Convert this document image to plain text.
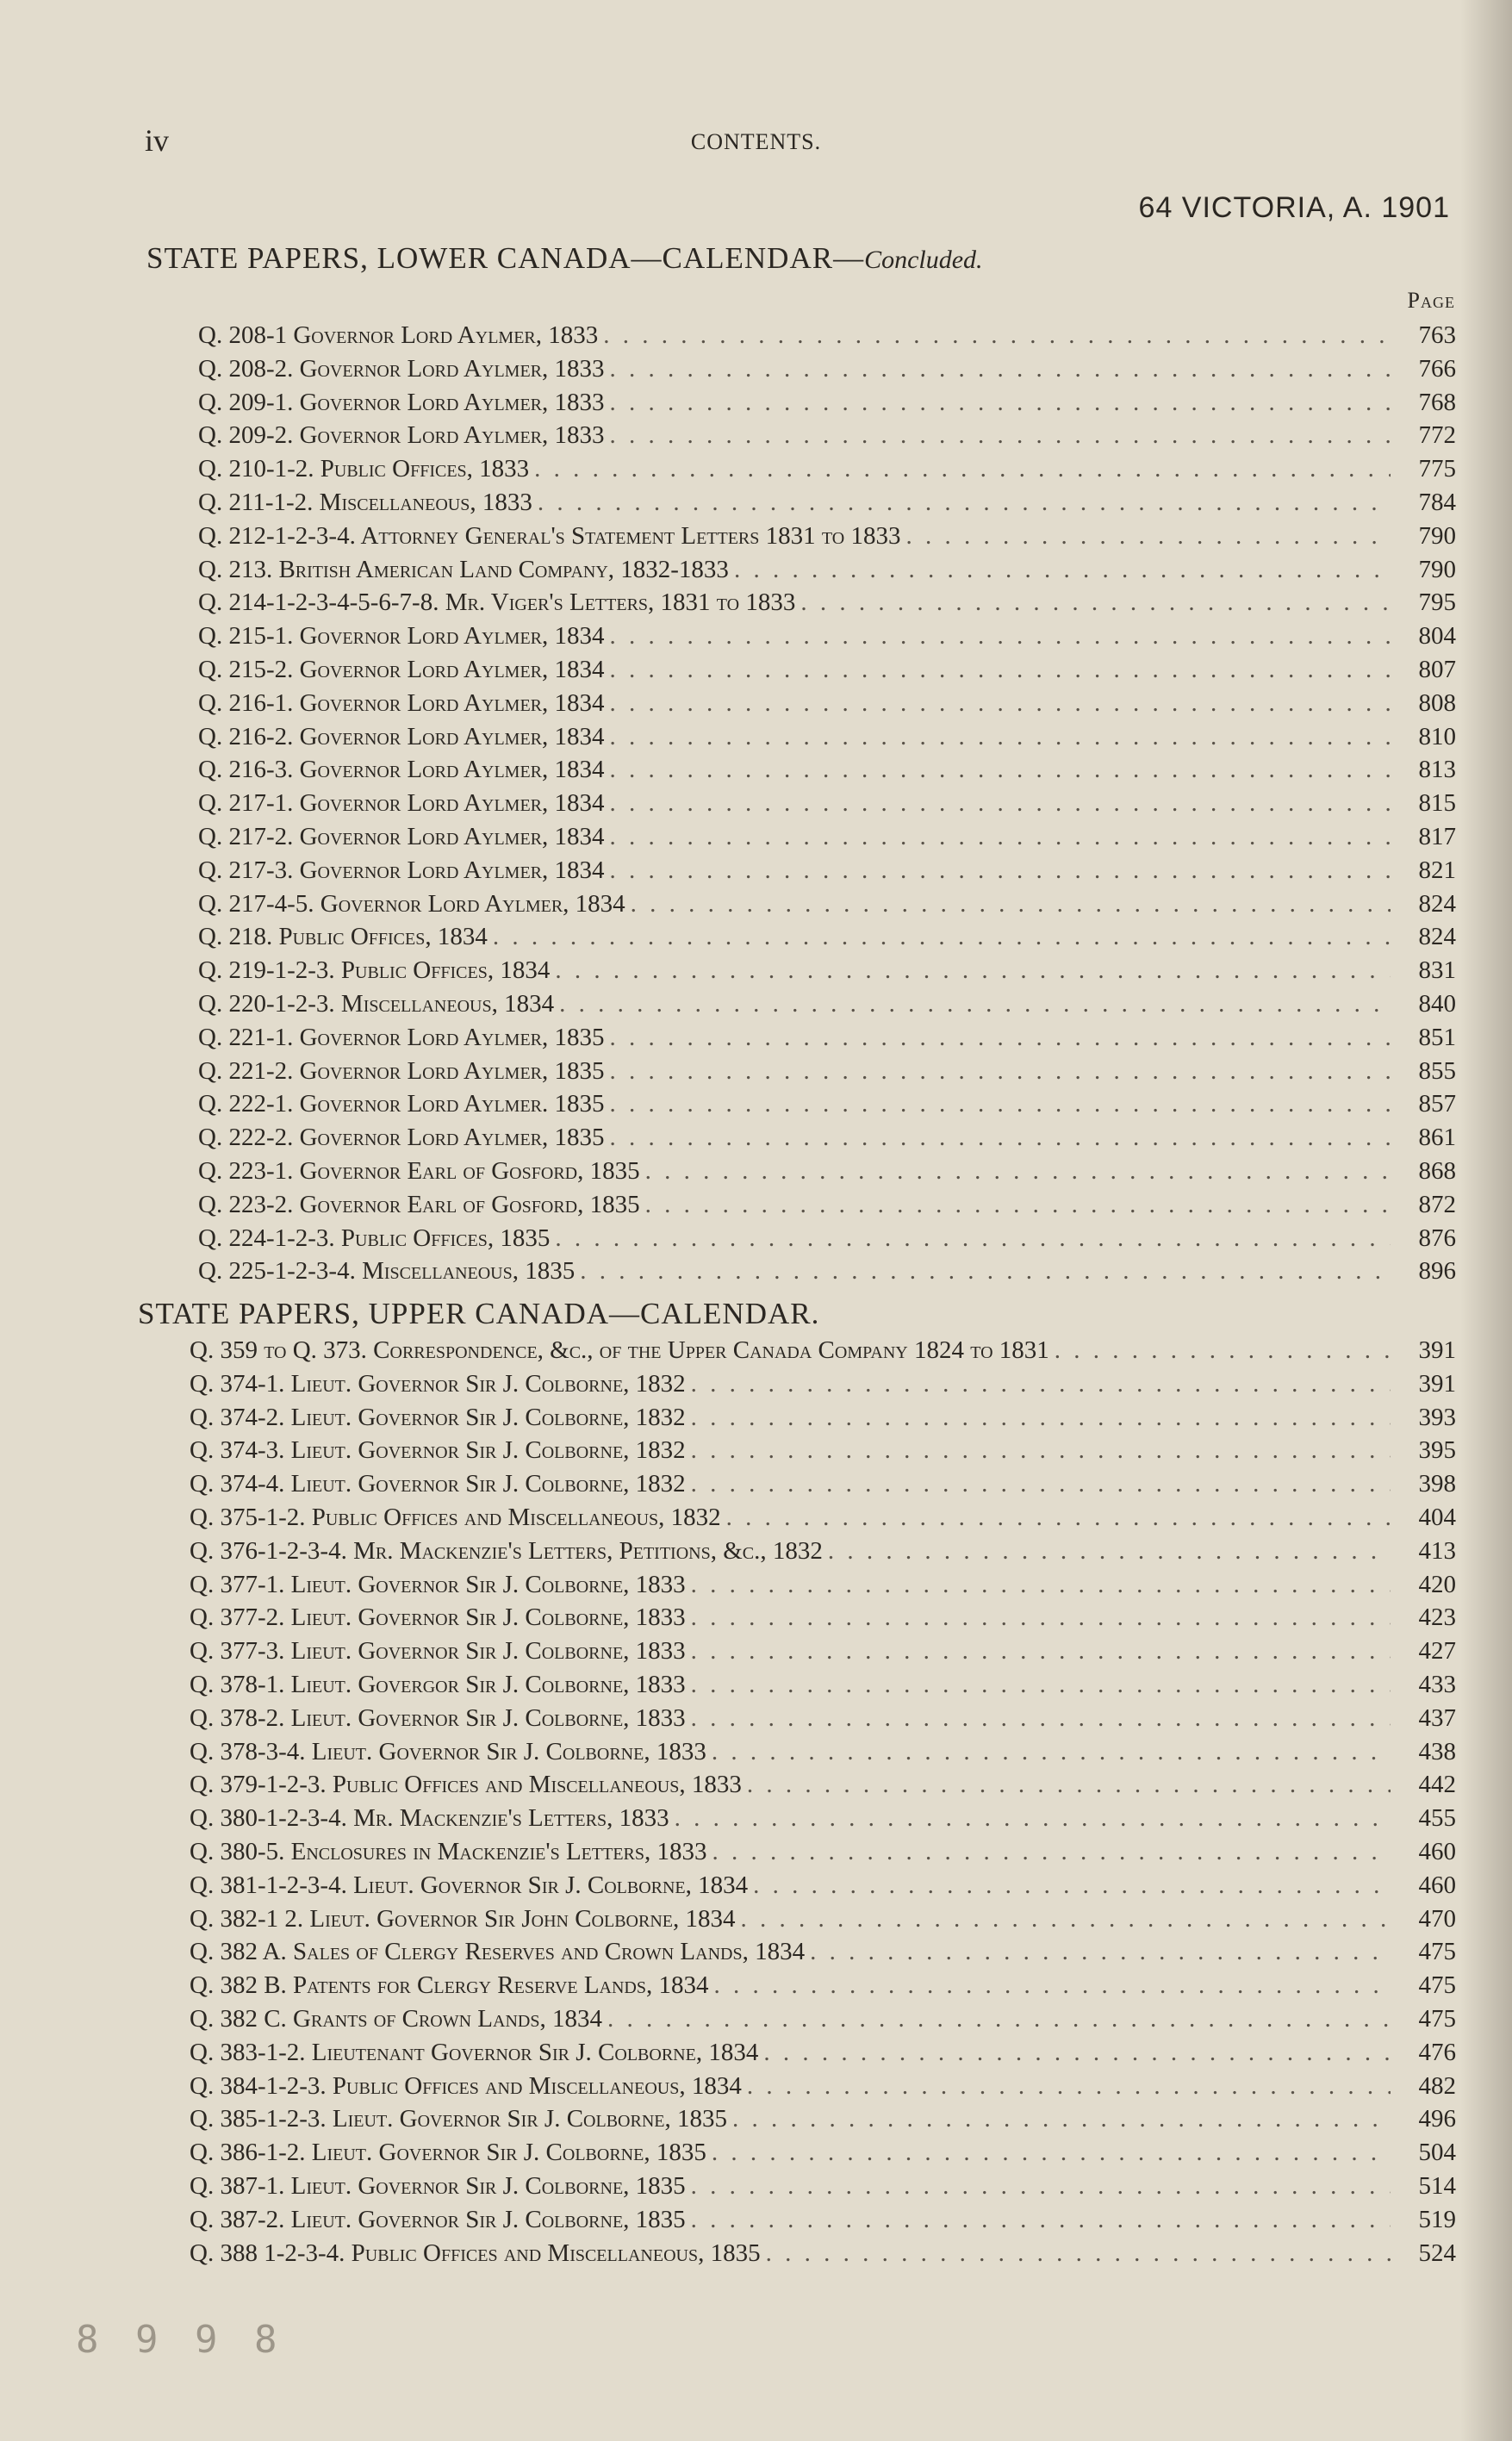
iv	CONTENTS.
64 VICTORIA, A. 1901
STATE PAPERS, LOWER CANADA—CALENDAR—Concluded.
Page
Q. 208-1 Governor Lord Aylmer, 1833 . . .	763
Q. 208-2. Governor Lord Aylmer, 1833 . . .	766
Q. 209-1. Governor Lord Aylmer, 1833 . . .	768
Q. 209-2. Governor Lord Aylmer, 1833 . . .	772
Q. 210-1-2. Public Offices, 1833 . . .	775
Q. 211-1-2. Miscellaneous, 1833 . . .	784
Q. 212-1-2-3-4. Attorney General's Statement Letters 1831 to 1833 . . .	790
Q. 213. British American Land Company, 1832-1833 . . .	790
Q. 214-1-2-3-4-5-6-7-8. Mr. Viger's Letters, 1831 to 1833 . . .	795
Q. 215-1. Governor Lord Aylmer, 1834 . . .	804
Q. 215-2. Governor Lord Aylmer, 1834 . . .	807
Q. 216-1. Governor Lord Aylmer, 1834 . . .	808
Q. 216-2. Governor Lord Aylmer, 1834 . . .	810
Q. 216-3. Governor Lord Aylmer, 1834 . . .	813
Q. 217-1. Governor Lord Aylmer, 1834 . . .	815
Q. 217-2. Governor Lord Aylmer, 1834 . . .	817
Q. 217-3. Governor Lord Aylmer, 1834 . . .	821
Q. 217-4-5. Governor Lord Aylmer, 1834 . . .	824
Q. 218. Public Offices, 1834 . . .	824
Q. 219-1-2-3. Public Offices, 1834 . . .	831
Q. 220-1-2-3. Miscellaneous, 1834 . . .	840
Q. 221-1. Governor Lord Aylmer, 1835 . . .	851
Q. 221-2. Governor Lord Aylmer, 1835 . . .	855
Q. 222-1. Governor Lord Aylmer. 1835 . . .	857
Q. 222-2. Governor Lord Aylmer, 1835 . . .	861
Q. 223-1. Governor Earl of Gosford, 1835 . . .	868
Q. 223-2. Governor Earl of Gosford, 1835 . . .	872
Q. 224-1-2-3. Public Offices, 1835 . . .	876
Q. 225-1-2-3-4. Miscellaneous, 1835 . . .	896
STATE PAPERS, UPPER CANADA—CALENDAR.
Q. 359 to Q. 373. Correspondence, &c., of the Upper Canada Company 1824 to 1831 . . .	391
Q. 374-1. Lieut. Governor Sir J. Colborne, 1832 . . .	391
Q. 374-2. Lieut. Governor Sir J. Colborne, 1832 . . .	393
Q. 374-3. Lieut. Governor Sir J. Colborne, 1832 . . .	395
Q. 374-4. Lieut. Governor Sir J. Colborne, 1832 . . .	398
Q. 375-1-2. Public Offices and Miscellaneous, 1832 . . .	404
Q. 376-1-2-3-4. Mr. Mackenzie's Letters, Petitions, &c., 1832 . . .	413
Q. 377-1. Lieut. Governor Sir J. Colborne, 1833 . . .	420
Q. 377-2. Lieut. Governor Sir J. Colborne, 1833 . . .	423
Q. 377-3. Lieut. Governor Sir J. Colborne, 1833 . . .	427
Q. 378-1. Lieut. Govergor Sir J. Colborne, 1833 . . .	433
Q. 378-2. Lieut. Governor Sir J. Colborne, 1833 . . .	437
Q. 378-3-4. Lieut. Governor Sir J. Colborne, 1833 . . .	438
Q. 379-1-2-3. Public Offices and Miscellaneous, 1833 . . .	442
Q. 380-1-2-3-4. Mr. Mackenzie's Letters, 1833 . . .	455
Q. 380-5. Enclosures in Mackenzie's Letters, 1833 . . .	460
Q. 381-1-2-3-4. Lieut. Governor Sir J. Colborne, 1834 . . .	460
Q. 382-1 2. Lieut. Governor Sir John Colborne, 1834 . . .	470
Q. 382 A. Sales of Clergy Reserves and Crown Lands, 1834 . . .	475
Q. 382 B. Patents for Clergy Reserve Lands, 1834 . . .	475
Q. 382 C. Grants of Crown Lands, 1834 . . .	475
Q. 383-1-2. Lieutenant Governor Sir J. Colborne, 1834 . . .	476
Q. 384-1-2-3. Public Offices and Miscellaneous, 1834 . . .	482
Q. 385-1-2-3. Lieut. Governor Sir J. Colborne, 1835 . . .	496
Q. 386-1-2. Lieut. Governor Sir J. Colborne, 1835 . . .	504
Q. 387-1. Lieut. Governor Sir J. Colborne, 1835 . . .	514
Q. 387-2. Lieut. Governor Sir J. Colborne, 1835 . . .	519
Q. 388 1-2-3-4. Public Offices and Miscellaneous, 1835 . . .	524
8 9 9 8
